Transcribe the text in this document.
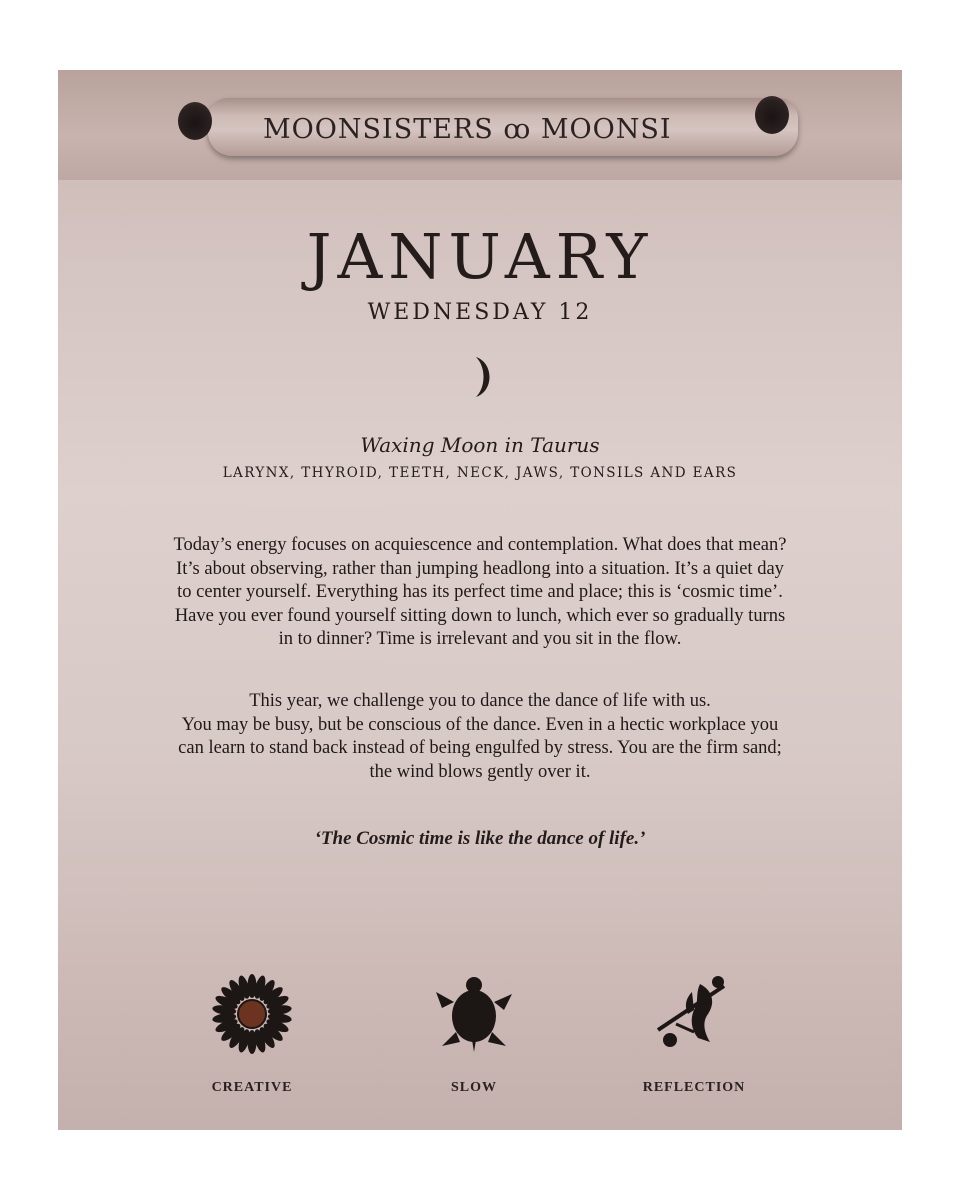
MOONSISTERS ꝏ MOONSI
JANUARY
WEDNESDAY 12
Waxing Moon in Taurus
LARYNX, THYROID, TEETH, NECK, JAWS, TONSILS AND EARS
Today’s energy focuses on acquiescence and contemplation. What does that mean?
It’s about observing, rather than jumping headlong into a situation. It’s a quiet day
to center yourself. Everything has its perfect time and place; this is ‘cosmic time’.
Have you ever found yourself sitting down to lunch, which ever so gradually turns
in to dinner? Time is irrelevant and you sit in the flow.
This year, we challenge you to dance the dance of life with us.
You may be busy, but be conscious of the dance. Even in a hectic workplace you
can learn to stand back instead of being engulfed by stress. You are the firm sand;
the wind blows gently over it.
‘The Cosmic time is like the dance of life.’
CREATIVE	SLOW	REFLECTION
